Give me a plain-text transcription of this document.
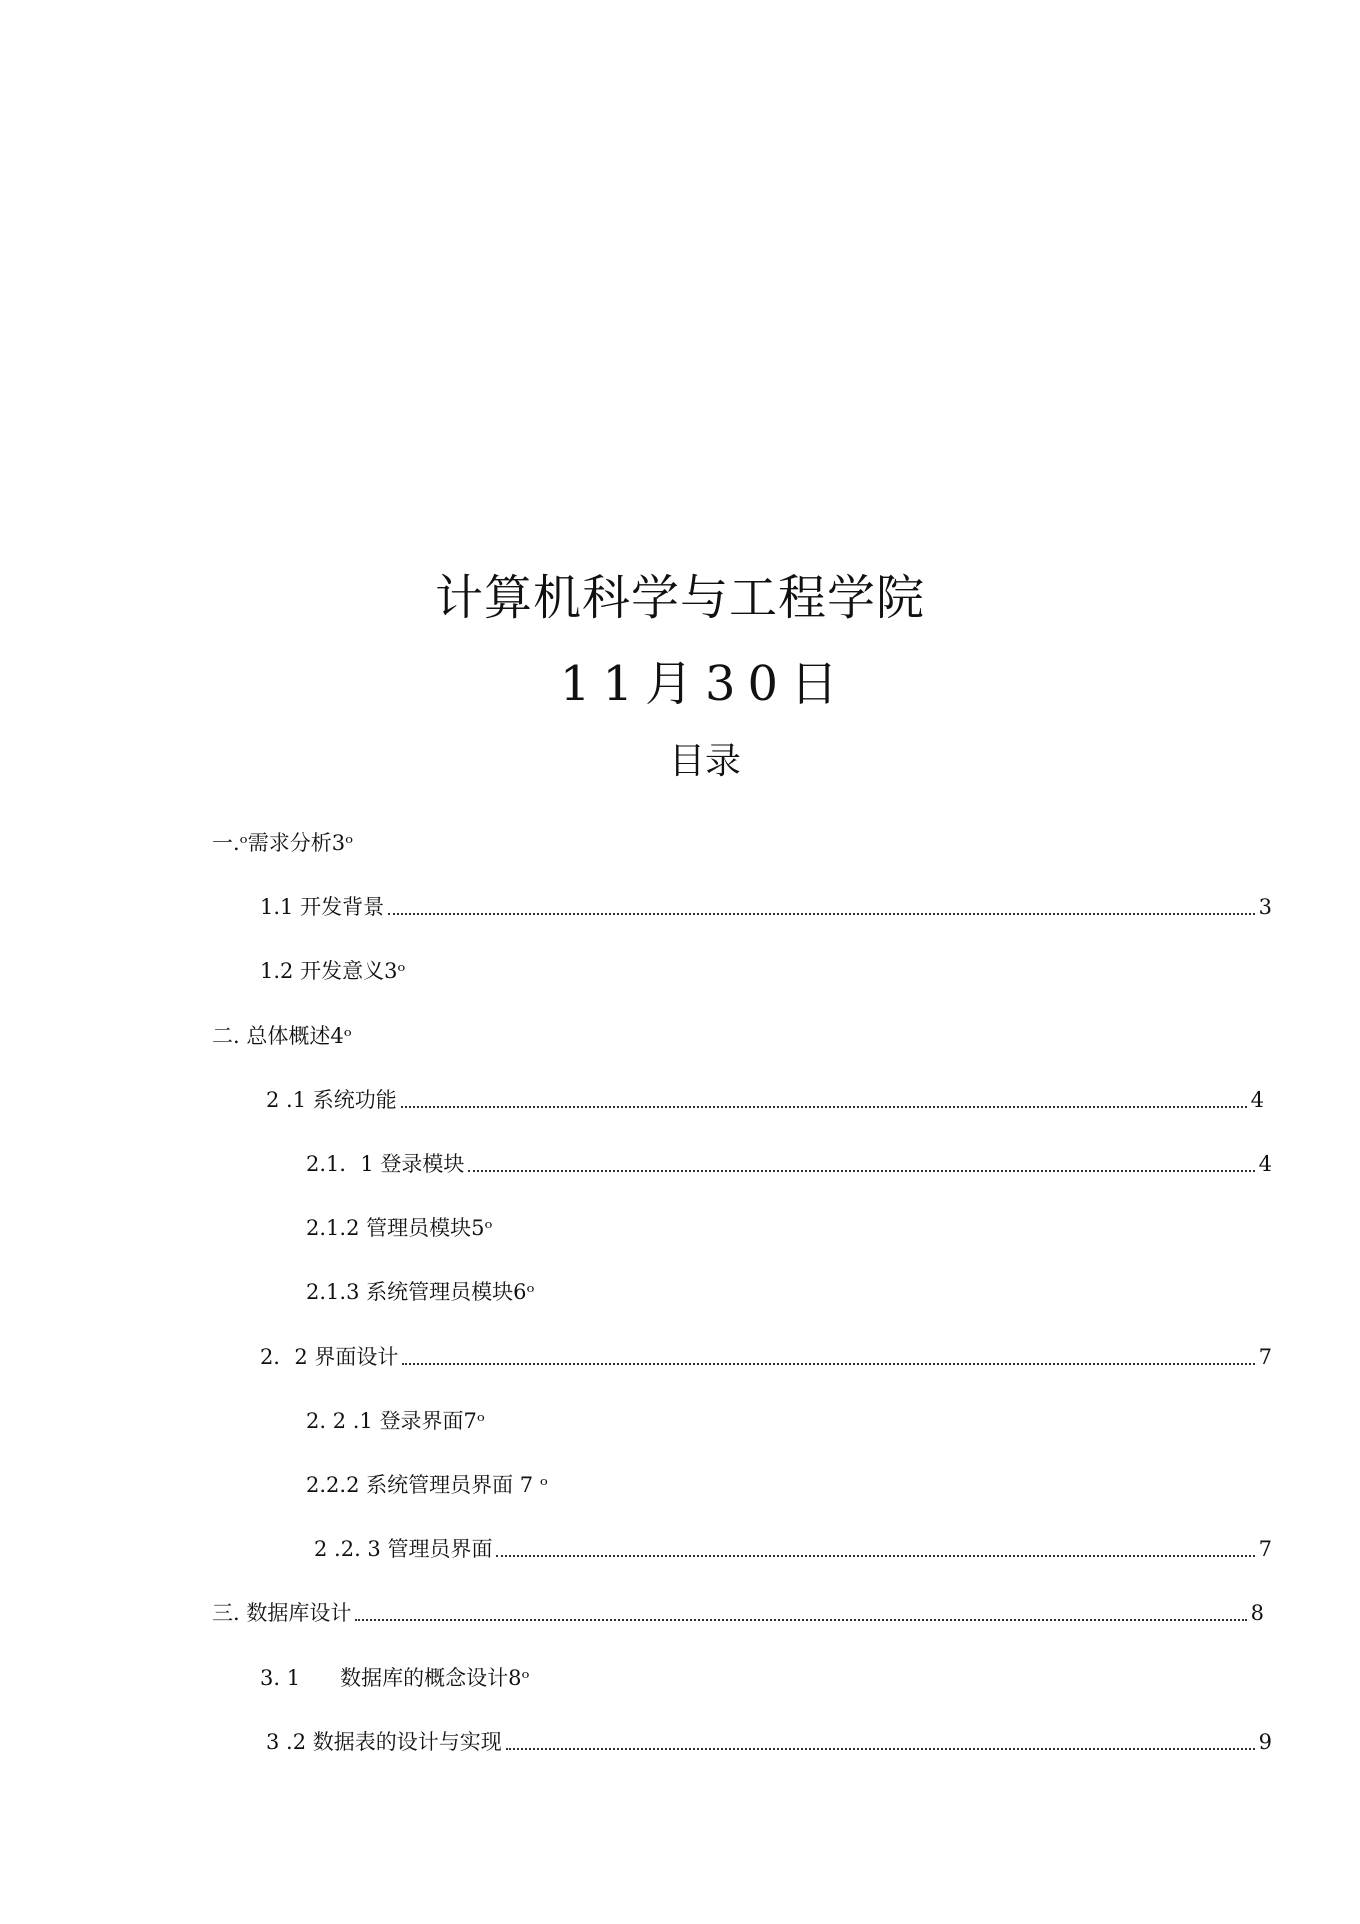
计算机科学与工程学院
11月30日
目录
一.ᵒ需求分析3ᵒ
1.1 开发背景	3
1.2 开发意义3ᵒ
二. 总体概述4ᵒ
2 .1 系统功能	4
2.1．1 登录模块	4
2.1.2 管理员模块5ᵒ
2.1.3 系统管理员模块6ᵒ
2．2 界面设计	7
2. 2 .1 登录界面7ᵒ
2.2.2 系统管理员界面 7 ᵒ
2 .2. 3 管理员界面	7
三. 数据库设计	8
3. 1      数据库的概念设计8ᵒ
3 .2 数据表的设计与实现	9
